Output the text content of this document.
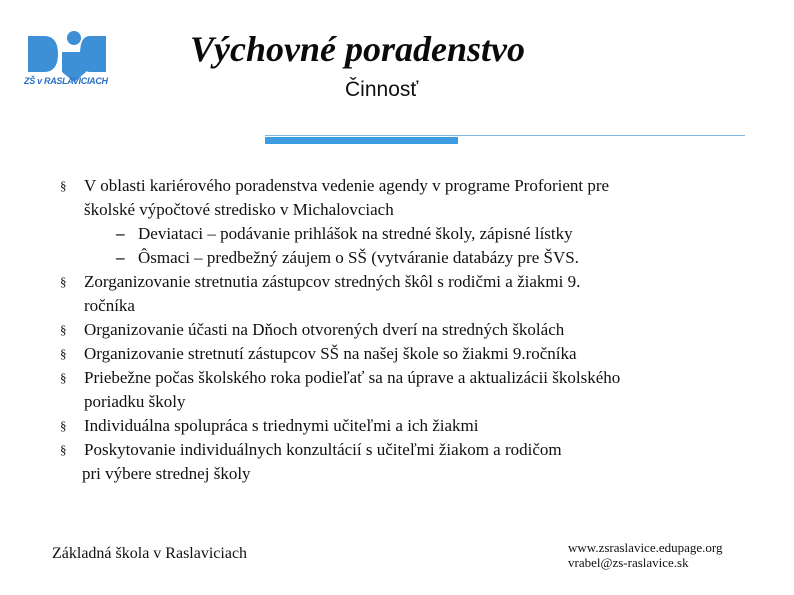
ZŠ v RASLAVICIACH
Výchovné poradenstvo
Činnosť
§ V oblasti kariérového poradenstva vedenie agendy v programe Proforient pre
školské výpočtové stredisko v Michalovciach
– Deviataci – podávanie prihlášok na stredné školy, zápisné lístky
– Ôsmaci – predbežný záujem o SŠ (vytváranie databázy pre ŠVS.
§ Zorganizovanie stretnutia zástupcov stredných škôl s rodičmi a žiakmi 9.
ročníka
§ Organizovanie účasti na Dňoch otvorených dverí na stredných školách
§ Organizovanie stretnutí zástupcov SŠ na našej škole so žiakmi 9.ročníka
§ Priebežne počas školského roka podieľať sa na úprave a aktualizácii školského
poriadku školy
§ Individuálna spolupráca s triednymi učiteľmi a ich žiakmi
§ Poskytovanie individuálnych konzultácií s učiteľmi žiakom a rodičom
pri výbere strednej školy
Základná škola v Raslaviciach	www.zsraslavice.edupage.org
vrabel@zs-raslavice.sk
